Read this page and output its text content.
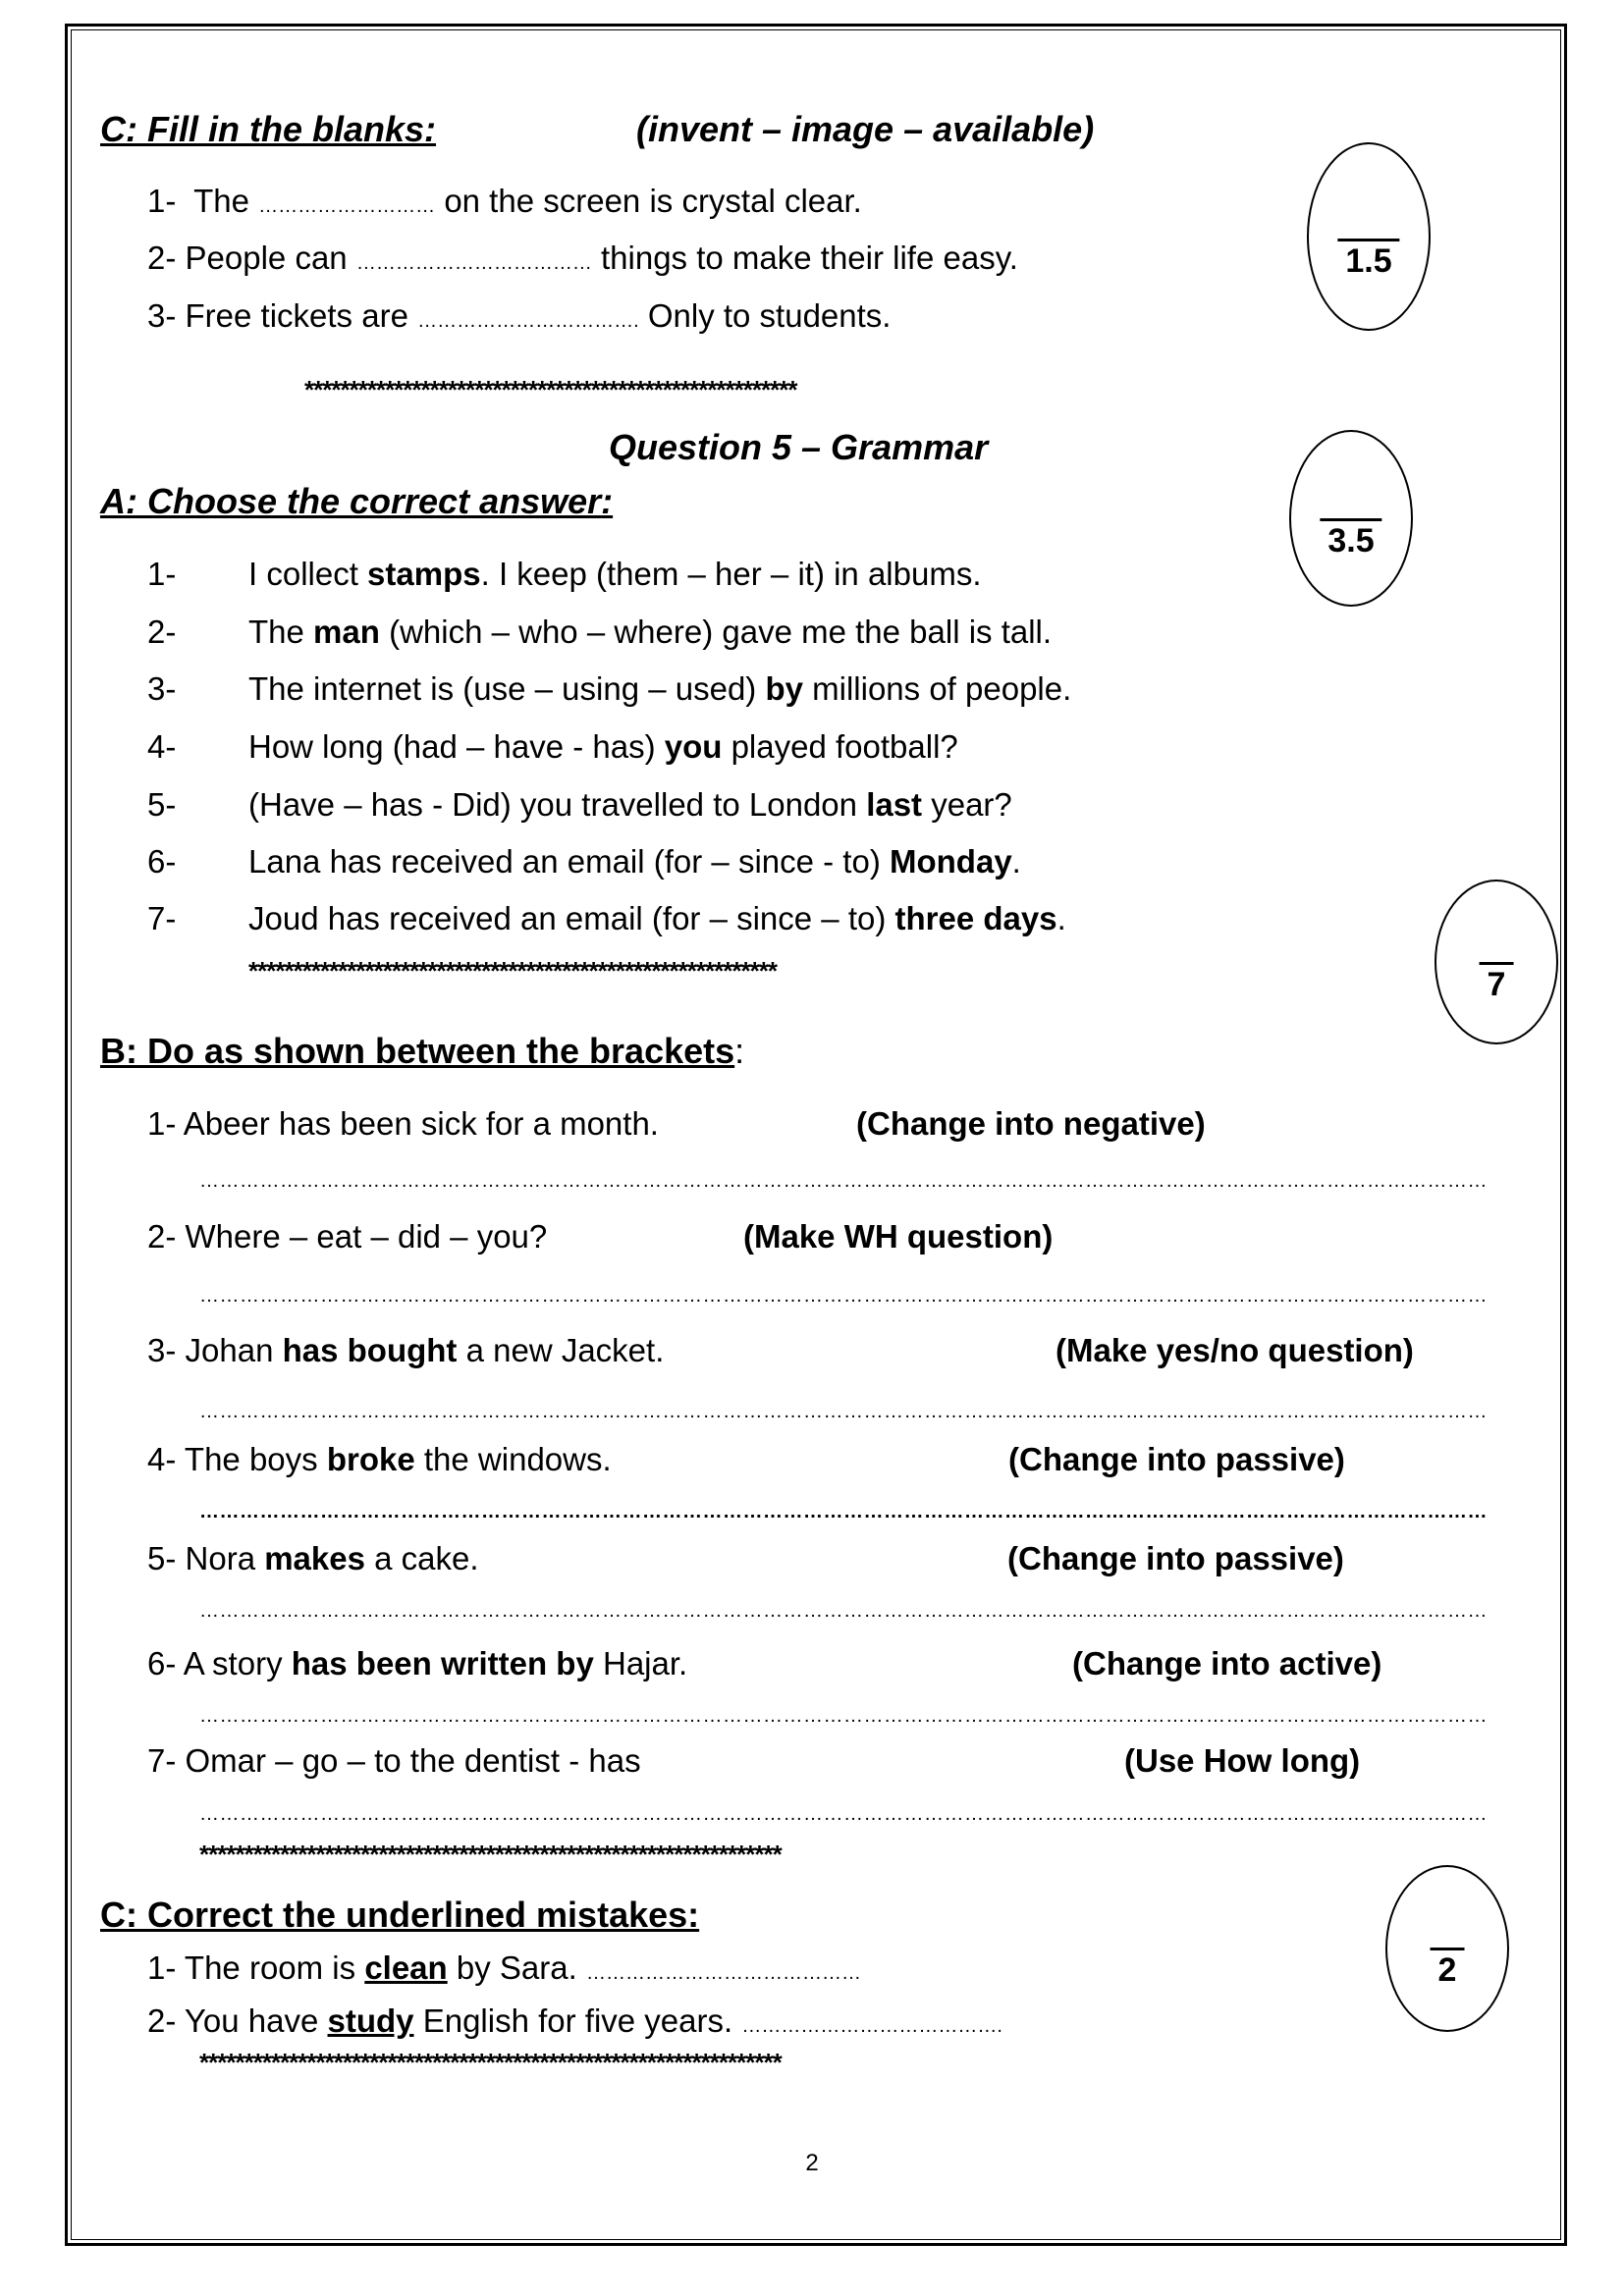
C: Fill in the blanks:	(invent – image – available)
1- The ……………………… on the screen is crystal clear.
2- People can ……………………………… things to make their life easy.
3- Free tickets are ……………………………. Only to students.
1.5
*******************************************************
Question 5 – Grammar
A: Choose the correct answer:
3.5
1- I collect stamps. I keep (them – her – it) in albums.
2- The man (which – who – where) gave me the ball is tall.
3- The internet is (use – using – used) by millions of people.
4- How long (had – have - has) you played football?
5- (Have – has - Did) you travelled to London last year?
6- Lana has received an email (for – since - to) Monday.
7- Joud has received an email (for – since – to) three days.
***********************************************************	7
B: Do as shown between the brackets:
1- Abeer has been sick for a month.	(Change into negative)
…………………………………………………………………………………………………………………………………………………………………………
2- Where – eat – did – you?	(Make WH question)
…………………………………………………………………………………………………………………………………………………………………………
3- Johan has bought a new Jacket.	(Make yes/no question)
…………………………………………………………………………………………………………………………………………………………………………
4- The boys broke the windows.	(Change into passive)
…………………………………………………………………………………………………………………………………………………………………………
5- Nora makes a cake.	(Change into passive)
…………………………………………………………………………………………………………………………………………………………………………
6- A story has been written by Hajar.	(Change into active)
…………………………………………………………………………………………………………………………………………………………………………
7- Omar – go – to the dentist - has	(Use How long)
…………………………………………………………………………………………………………………………………………………………………………
*****************************************************************
C: Correct the underlined mistakes:
2
1- The room is clean by Sara. ……………………………………
2- You have study English for five years. ………………………………….
*****************************************************************
2
